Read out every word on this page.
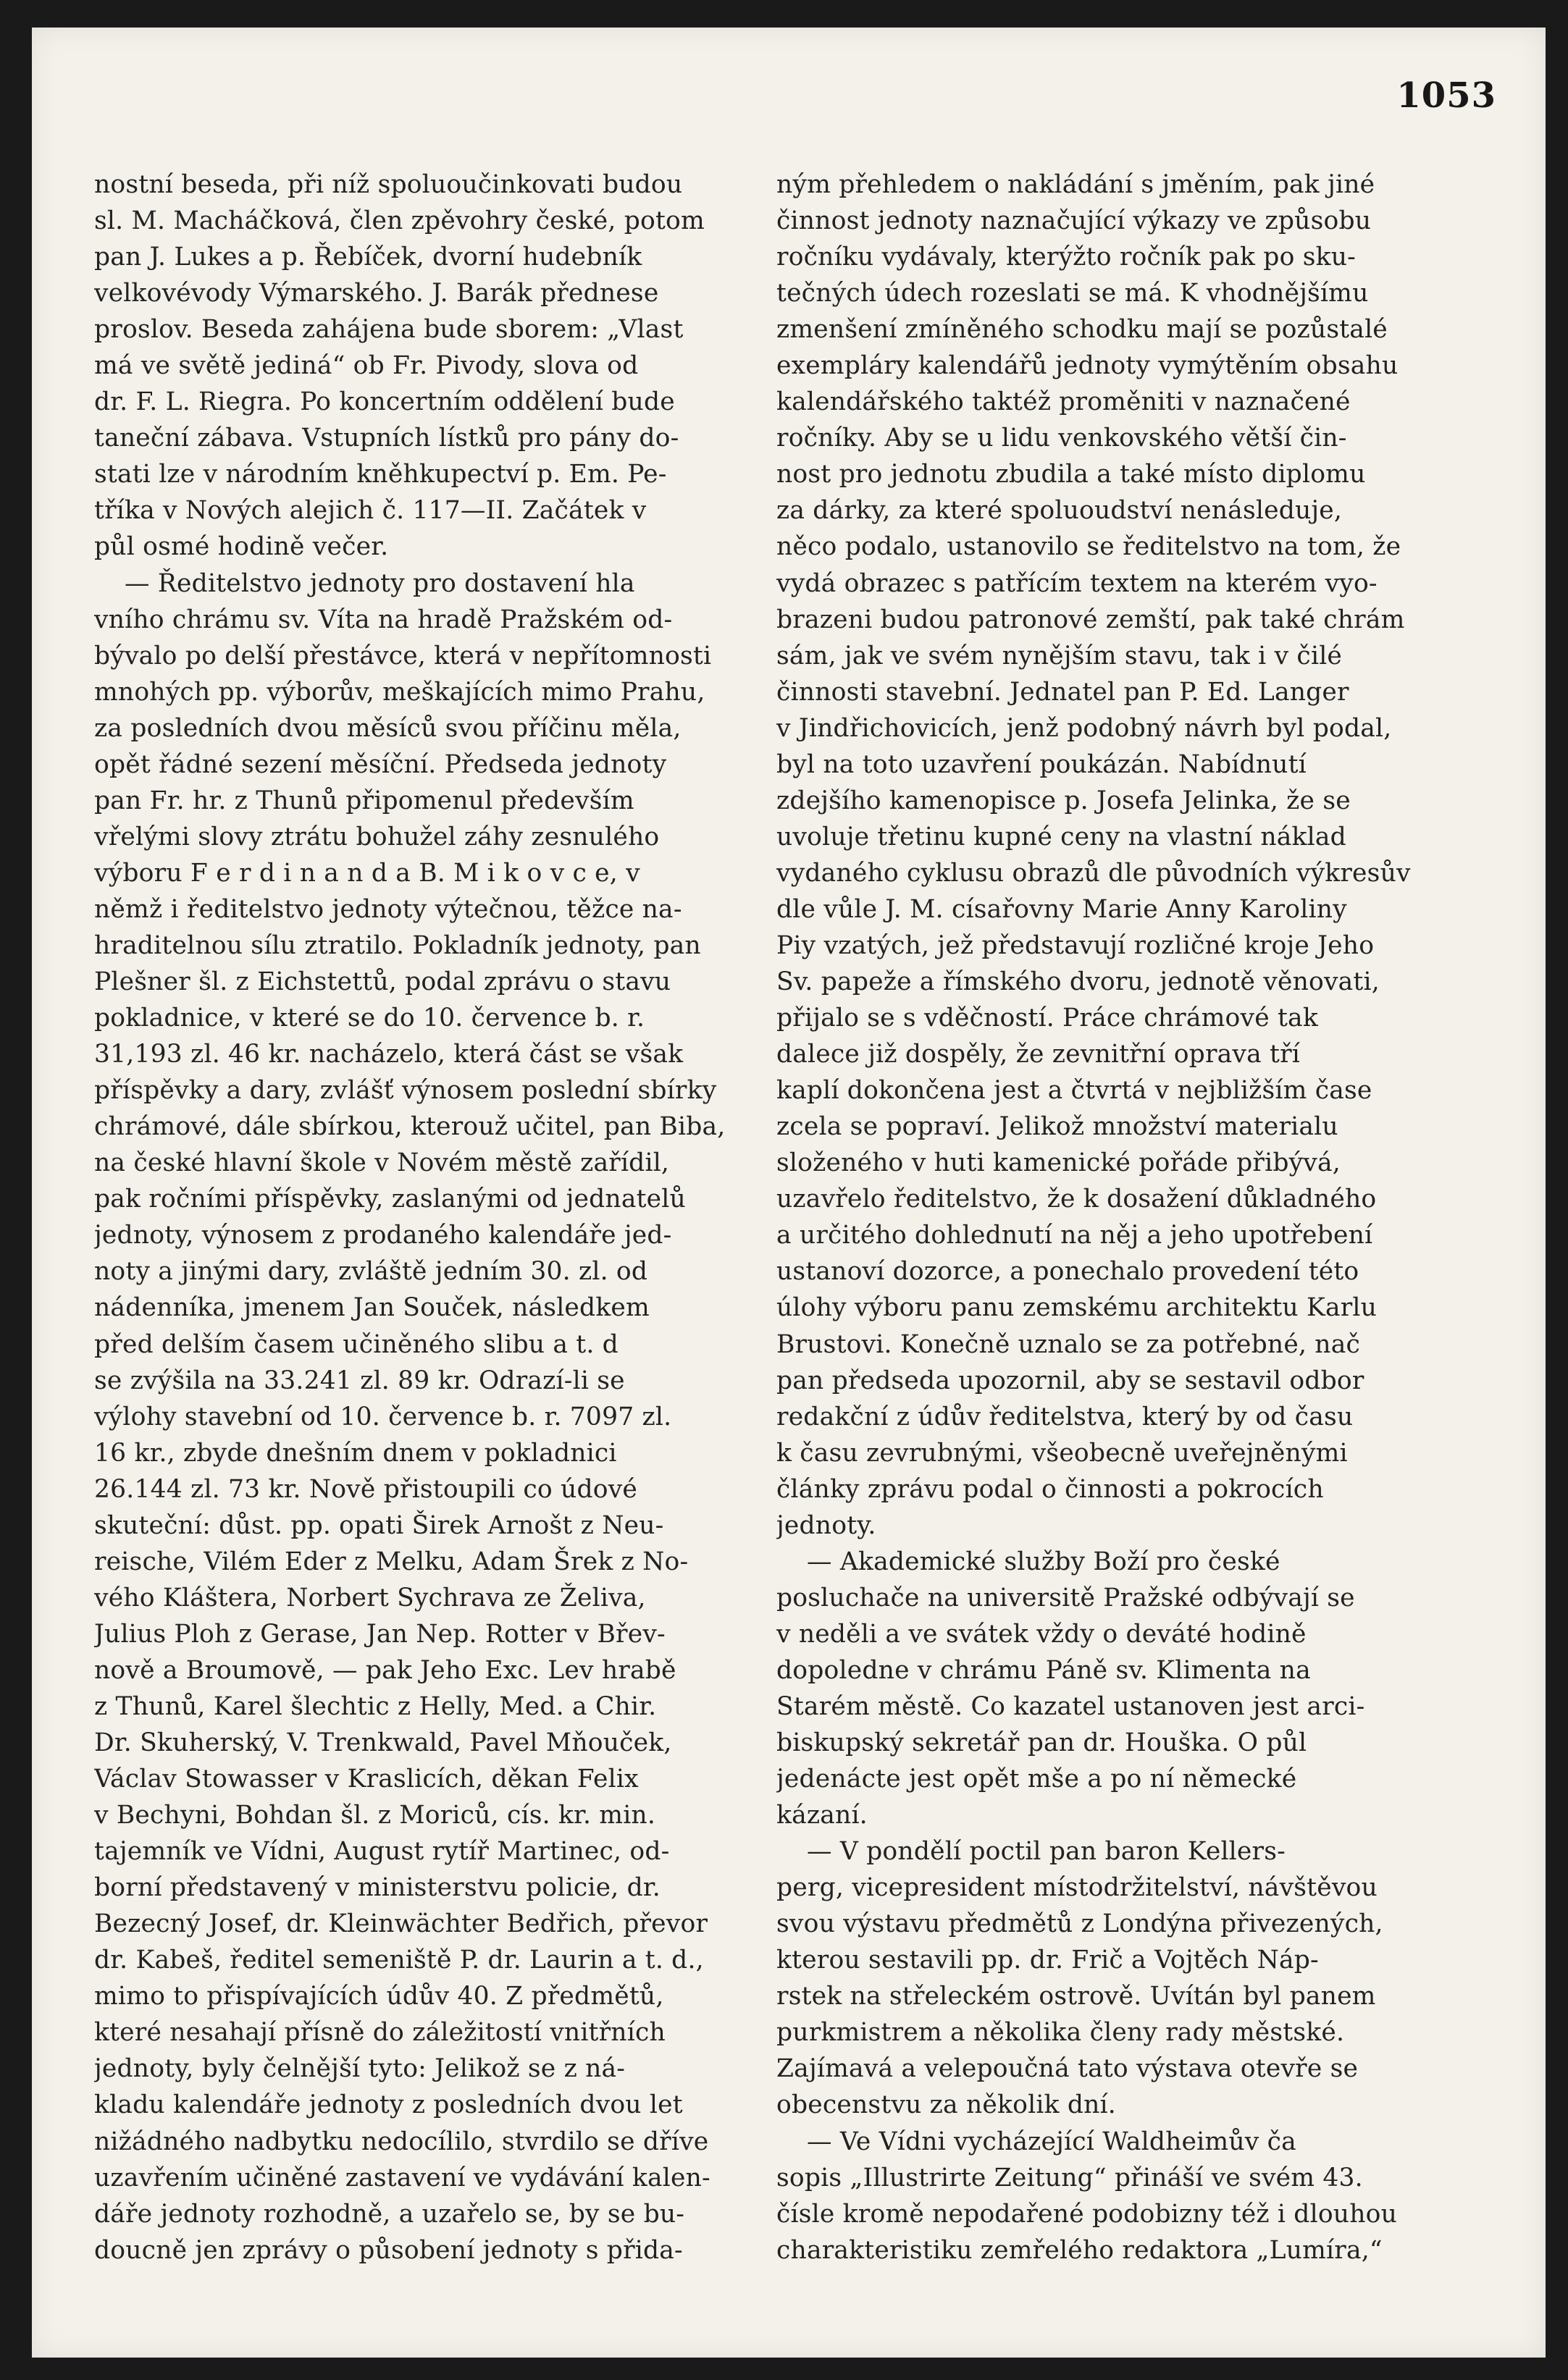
1053
nostní beseda, při níž spoluoučinkovati budou
sl. M. Macháčková, člen zpěvohry české, potom
pan J. Lukes a p. Řebíček, dvorní hudebník
velkovévody Výmarského. J. Barák přednese
proslov. Beseda zahájena bude sborem: „Vlast
má ve světě jediná“ ob Fr. Pivody, slova od
dr. F. L. Riegra. Po koncertním oddělení bude
taneční zábava. Vstupních lístků pro pány do-
stati lze v národním kněhkupectví p. Em. Pe-
tříka v Nových alejich č. 117—II. Začátek v
půl osmé hodině večer.
— Ředitelstvo jednoty pro dostavení hla
vního chrámu sv. Víta na hradě Pražském od-
bývalo po delší přestávce, která v nepřítomnosti
mnohých pp. výborův, meškajících mimo Prahu,
za posledních dvou měsíců svou příčinu měla,
opět řádné sezení měsíční. Předseda jednoty
pan Fr. hr. z Thunů připomenul především
vřelými slovy ztrátu bohužel záhy zesnulého
výboru F e r d i n a n d a B. M i k o v c e, v
němž i ředitelstvo jednoty výtečnou, těžce na-
hraditelnou sílu ztratilo. Pokladník jednoty, pan
Plešner šl. z Eichstettů, podal zprávu o stavu
pokladnice, v které se do 10. července b. r.
31,193 zl. 46 kr. nacházelo, která část se však
příspěvky a dary, zvlášť výnosem poslední sbírky
chrámové, dále sbírkou, kterouž učitel, pan Biba,
na české hlavní škole v Novém městě zařídil,
pak ročními příspěvky, zaslanými od jednatelů
jednoty, výnosem z prodaného kalendáře jed-
noty a jinými dary, zvláště jedním 30. zl. od
nádenníka, jmenem Jan Souček, následkem
před delším časem učiněného slibu a t. d
se zvýšila na 33.241 zl. 89 kr. Odrazí-li se
výlohy stavební od 10. července b. r. 7097 zl.
16 kr., zbyde dnešním dnem v pokladnici
26.144 zl. 73 kr. Nově přistoupili co údové
skuteční: důst. pp. opati Širek Arnošt z Neu-
reische, Vilém Eder z Melku, Adam Šrek z No-
vého Kláštera, Norbert Sychrava ze Želiva,
Julius Ploh z Gerase, Jan Nep. Rotter v Břev-
nově a Broumově, — pak Jeho Exc. Lev hrabě
z Thunů, Karel šlechtic z Helly, Med. a Chir.
Dr. Skuherský, V. Trenkwald, Pavel Mňouček,
Václav Stowasser v Kraslicích, děkan Felix
v Bechyni, Bohdan šl. z Moriců, cís. kr. min.
tajemník ve Vídni, August rytíř Martinec, od-
borní představený v ministerstvu policie, dr.
Bezecný Josef, dr. Kleinwächter Bedřich, převor
dr. Kabeš, ředitel semeniště P. dr. Laurin a t. d.,
mimo to přispívajících údův 40. Z předmětů,
které nesahají přísně do záležitostí vnitřních
jednoty, byly čelnější tyto: Jelikož se z ná-
kladu kalendáře jednoty z posledních dvou let
nižádného nadbytku nedocílilo, stvrdilo se dříve
uzavřením učiněné zastavení ve vydávání kalen-
dáře jednoty rozhodně, a uzařelo se, by se bu-
doucně jen zprávy o působení jednoty s přida-
ným přehledem o nakládání s jměním, pak jiné
činnost jednoty naznačující výkazy ve způsobu
ročníku vydávaly, kterýžto ročník pak po sku-
tečných údech rozeslati se má. K vhodnějšímu
zmenšení zmíněného schodku mají se pozůstalé
exempláry kalendářů jednoty vymýtěním obsahu
kalendářského taktéž proměniti v naznačené
ročníky. Aby se u lidu venkovského větší čin-
nost pro jednotu zbudila a také místo diplomu
za dárky, za které spoluoudství nenásleduje,
něco podalo, ustanovilo se ředitelstvo na tom, že
vydá obrazec s patřícím textem na kterém vyo-
brazeni budou patronové zemští, pak také chrám
sám, jak ve svém nynějším stavu, tak i v čilé
činnosti stavební. Jednatel pan P. Ed. Langer
v Jindřichovicích, jenž podobný návrh byl podal,
byl na toto uzavření poukázán. Nabídnutí
zdejšího kamenopisce p. Josefa Jelinka, že se
uvoluje třetinu kupné ceny na vlastní náklad
vydaného cyklusu obrazů dle původních výkresův
dle vůle J. M. císařovny Marie Anny Karoliny
Piy vzatých, jež představují rozličné kroje Jeho
Sv. papeže a římského dvoru, jednotě věnovati,
přijalo se s vděčností. Práce chrámové tak
dalece již dospěly, že zevnitřní oprava tří
kaplí dokončena jest a čtvrtá v nejbližším čase
zcela se popraví. Jelikož množství materialu
složeného v huti kamenické pořáde přibývá,
uzavřelo ředitelstvo, že k dosažení důkladného
a určitého dohlednutí na něj a jeho upotřebení
ustanoví dozorce, a ponechalo provedení této
úlohy výboru panu zemskému architektu Karlu
Brustovi. Konečně uznalo se za potřebné, nač
pan předseda upozornil, aby se sestavil odbor
redakční z údův ředitelstva, který by od času
k času zevrubnými, všeobecně uveřejněnými
články zprávu podal o činnosti a pokrocích
jednoty.
— Akademické služby Boží pro české
posluchače na universitě Pražské odbývají se
v neděli a ve svátek vždy o deváté hodině
dopoledne v chrámu Páně sv. Klimenta na
Starém městě. Co kazatel ustanoven jest arci-
biskupský sekretář pan dr. Houška. O půl
jedenácte jest opět mše a po ní německé
kázaní.
— V pondělí poctil pan baron Kellers-
perg, vicepresident místodržitelství, návštěvou
svou výstavu předmětů z Londýna přivezených,
kterou sestavili pp. dr. Frič a Vojtěch Náp-
rstek na střeleckém ostrově. Uvítán byl panem
purkmistrem a několika členy rady městské.
Zajímavá a velepoučná tato výstava otevře se
obecenstvu za několik dní.
— Ve Vídni vycházející Waldheimův ča
sopis „Illustrirte Zeitung“ přináší ve svém 43.
čísle kromě nepodařené podobizny též i dlouhou
charakteristiku zemřelého redaktora „Lumíra,“
